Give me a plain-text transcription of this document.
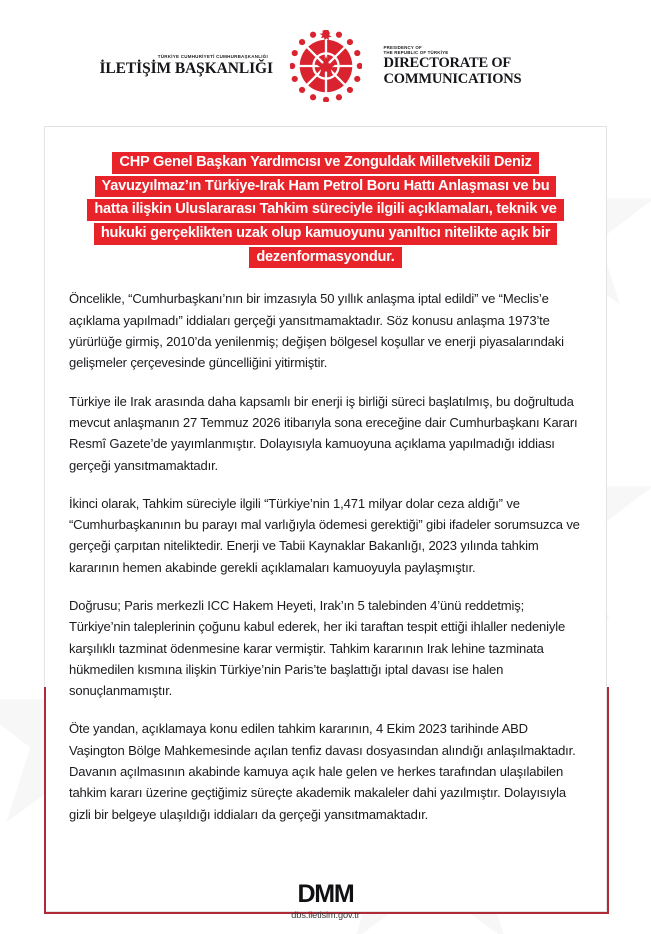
TÜRKİYE CUMHURİYETİ CUMHURBAŞKANLIĞI
İLETİŞİM BAŞKANLIĞI
PRESIDENCY OF
THE REPUBLIC OF TÜRKİYE
DIRECTORATE OF
COMMUNICATIONS
CHP Genel Başkan Yardımcısı ve Zonguldak Milletvekili Deniz
Yavuzyılmaz’ın Türkiye-Irak Ham Petrol Boru Hattı Anlaşması ve bu
hatta ilişkin Uluslararası Tahkim süreciyle ilgili açıklamaları, teknik ve
hukuki gerçeklikten uzak olup kamuoyunu yanıltıcı nitelikte açık bir
dezenformasyondur.

Öncelikle, “Cumhurbaşkanı’nın bir imzasıyla 50 yıllık anlaşma iptal edildi” ve “Meclis’e açıklama yapılmadı” iddiaları gerçeği yansıtmamaktadır. Söz konusu anlaşma 1973’te yürürlüğe girmiş, 2010’da yenilenmiş; değişen bölgesel koşullar ve enerji piyasalarındaki gelişmeler çerçevesinde güncelliğini yitirmiştir.

Türkiye ile Irak arasında daha kapsamlı bir enerji iş birliği süreci başlatılmış, bu doğrultuda mevcut anlaşmanın 27 Temmuz 2026 itibarıyla sona ereceğine dair Cumhurbaşkanı Kararı Resmî Gazete’de yayımlanmıştır. Dolayısıyla kamuoyuna açıklama yapılmadığı iddiası gerçeği yansıtmamaktadır.

İkinci olarak, Tahkim süreciyle ilgili “Türkiye’nin 1,471 milyar dolar ceza aldığı” ve “Cumhurbaşkanının bu parayı mal varlığıyla ödemesi gerektiği” gibi ifadeler sorumsuzca ve gerçeği çarpıtan niteliktedir. Enerji ve Tabii Kaynaklar Bakanlığı, 2023 yılında tahkim kararının hemen akabinde gerekli açıklamaları kamuoyuyla paylaşmıştır.

Doğrusu; Paris merkezli ICC Hakem Heyeti, Irak’ın 5 talebinden 4’ünü reddetmiş; Türkiye’nin taleplerinin çoğunu kabul ederek, her iki taraftan tespit ettiği ihlaller nedeniyle karşılıklı tazminat ödenmesine karar vermiştir. Tahkim kararının Irak lehine tazminata hükmedilen kısmına ilişkin Türkiye’nin Paris’te başlattığı iptal davası ise halen sonuçlanmamıştır.

Öte yandan, açıklamaya konu edilen tahkim kararının, 4 Ekim 2023 tarihinde ABD Vaşington Bölge Mahkemesinde açılan tenfiz davası dosyasından alındığı anlaşılmaktadır. Davanın açılmasının akabinde kamuya açık hale gelen ve herkes tarafından ulaşılabilen tahkim kararı üzerine geçtiğimiz süreçte akademik makaleler dahi yazılmıştır. Dolayısıyla gizli bir belgeye ulaşıldığı iddiaları da gerçeği yansıtmamaktadır.

DMM
dbs.iletisim.gov.tr
